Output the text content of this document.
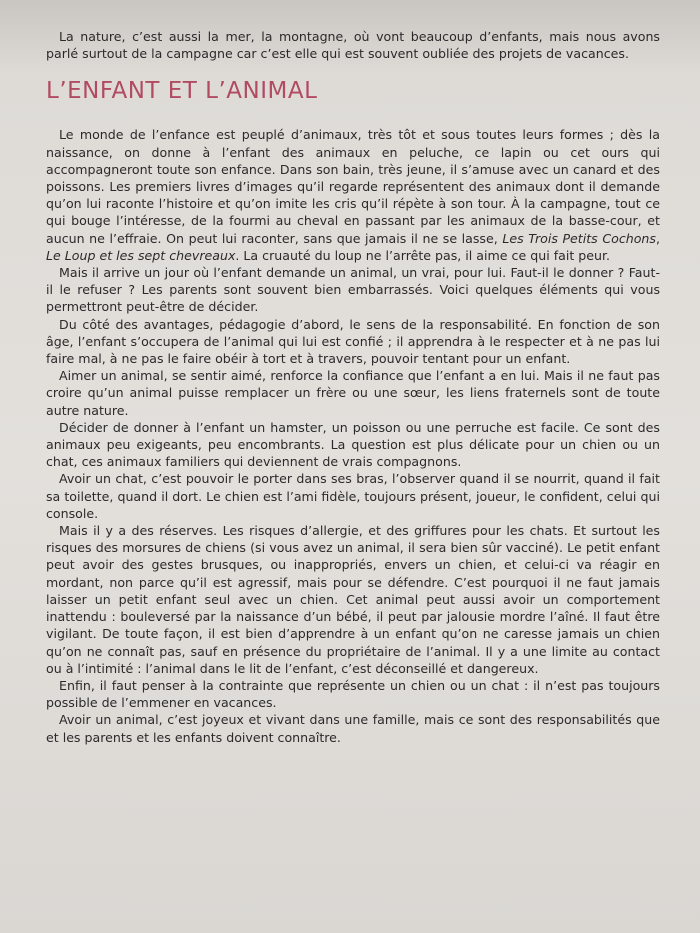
La nature, c’est aussi la mer, la montagne, où vont beaucoup d’enfants, mais nous avons parlé surtout de la campagne car c’est elle qui est souvent oubliée des projets de vacances.

L’ENFANT ET L’ANIMAL

Le monde de l’enfance est peuplé d’animaux, très tôt et sous toutes leurs formes ; dès la naissance, on donne à l’enfant des animaux en peluche, ce lapin ou cet ours qui accompagneront toute son enfance. Dans son bain, très jeune, il s’amuse avec un canard et des poissons. Les premiers livres d’images qu’il regarde représentent des animaux dont il demande qu’on lui raconte l’histoire et qu’on imite les cris qu’il répète à son tour. À la campagne, tout ce qui bouge l’intéresse, de la fourmi au cheval en passant par les animaux de la basse-cour, et aucun ne l’effraie. On peut lui raconter, sans que jamais il ne se lasse, Les Trois Petits Cochons, Le Loup et les sept chevreaux. La cruauté du loup ne l’arrête pas, il aime ce qui fait peur.

Mais il arrive un jour où l’enfant demande un animal, un vrai, pour lui. Faut-il le donner ? Faut-il le refuser ? Les parents sont souvent bien embarrassés. Voici quelques éléments qui vous permettront peut-être de décider.

Du côté des avantages, pédagogie d’abord, le sens de la responsabilité. En fonction de son âge, l’enfant s’occupera de l’animal qui lui est confié ; il apprendra à le respecter et à ne pas lui faire mal, à ne pas le faire obéir à tort et à travers, pouvoir tentant pour un enfant.

Aimer un animal, se sentir aimé, renforce la confiance que l’enfant a en lui. Mais il ne faut pas croire qu’un animal puisse remplacer un frère ou une sœur, les liens fraternels sont de toute autre nature.

Décider de donner à l’enfant un hamster, un poisson ou une perruche est facile. Ce sont des animaux peu exigeants, peu encombrants. La question est plus délicate pour un chien ou un chat, ces animaux familiers qui deviennent de vrais compagnons.

Avoir un chat, c’est pouvoir le porter dans ses bras, l’observer quand il se nourrit, quand il fait sa toilette, quand il dort. Le chien est l’ami fidèle, toujours présent, joueur, le confident, celui qui console.

Mais il y a des réserves. Les risques d’allergie, et des griffures pour les chats. Et surtout les risques des morsures de chiens (si vous avez un animal, il sera bien sûr vacciné). Le petit enfant peut avoir des gestes brusques, ou inappropriés, envers un chien, et celui-ci va réagir en mordant, non parce qu’il est agressif, mais pour se défendre. C’est pourquoi il ne faut jamais laisser un petit enfant seul avec un chien. Cet animal peut aussi avoir un comportement inattendu : bouleversé par la naissance d’un bébé, il peut par jalousie mordre l’aîné. Il faut être vigilant. De toute façon, il est bien d’apprendre à un enfant qu’on ne caresse jamais un chien qu’on ne connaît pas, sauf en présence du propriétaire de l’animal. Il y a une limite au contact ou à l’intimité : l’animal dans le lit de l’enfant, c’est déconseillé et dangereux.

Enfin, il faut penser à la contrainte que représente un chien ou un chat : il n’est pas toujours possible de l’emmener en vacances.

Avoir un animal, c’est joyeux et vivant dans une famille, mais ce sont des responsabilités que et les parents et les enfants doivent connaître.
